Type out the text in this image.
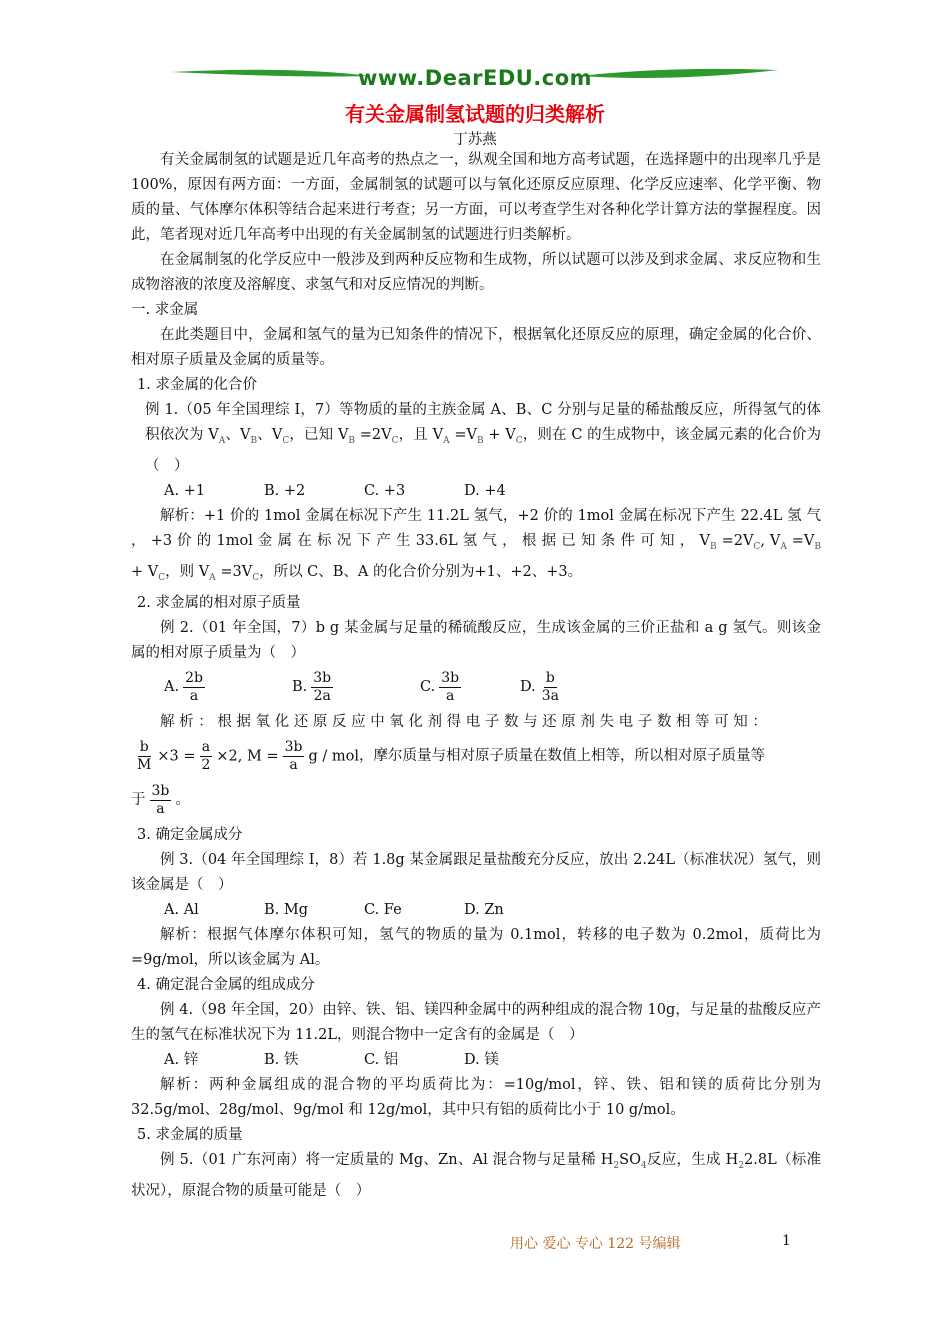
www.DearEDU.com
有关金属制氢试题的归类解析
丁苏燕

有关金属制氢的试题是近几年高考的热点之一，纵观全国和地方高考试题，在选择题中的出现率几乎是100%，原因有两方面：一方面，金属制氢的试题可以与氧化还原反应原理、化学反应速率、化学平衡、物质的量、气体摩尔体积等结合起来进行考查；另一方面，可以考查学生对各种化学计算方法的掌握程度。因此，笔者现对近几年高考中出现的有关金属制氢的试题进行归类解析。

在金属制氢的化学反应中一般涉及到两种反应物和生成物，所以试题可以涉及到求金属、求反应物和生成物溶液的浓度及溶解度、求氢气和对反应情况的判断。

一. 求金属

在此类题目中，金属和氢气的量为已知条件的情况下，根据氧化还原反应的原理，确定金属的化合价、相对原子质量及金属的质量等。

1. 求金属的化合价

例 1.（05 年全国理综 I，7）等物质的量的主族金属 A、B、C 分别与足量的稀盐酸反应，所得氢气的体积依次为 $V_A$、$V_B$、$V_C$，已知 $V_B =2V_C$，且 $V_A =V_B + V_C$，则在 C 的生成物中，该金属元素的化合价为（　）

A. +1	B. +2	C. +3	D. +4

解析：+1 价的 1mol 金属在标况下产生 11.2L 氢气，+2 价的 1mol 金属在标况下产生 22.4L 氢 气 ， +3 价 的 1mol 金 属 在 标 况 下 产 生 33.6L 氢 气 ， 根 据 已 知 条 件 可 知 ， $V_B =2V_C$, $V_A =V_B + V_C$，则 $V_A =3V_C$，所以 C、B、A 的化合价分别为+1、+2、+3。

2. 求金属的相对原子质量

例 2.（01 年全国，7）b g 某金属与足量的稀硫酸反应，生成该金属的三价正盐和 a g 氢气。则该金属的相对原子质量为（　）

A. $\frac{2b}{a}$	B. $\frac{3b}{2a}$	C. $\frac{3b}{a}$	D. $\frac{b}{3a}$

解 析 ： 根 据 氧 化 还 原 反 应 中 氧 化 剂 得 电 子 数 与 还 原 剂 失 电 子 数 相 等 可 知 ：

$\frac{b}{M} \times 3 = \frac{a}{2} \times 2$, $M = \frac{3b}{a}$ g / mol ，摩尔质量与相对原子质量在数值上相等，所以相对原子质量等
于 $\frac{3b}{a}$ 。

3. 确定金属成分

例 3.（04 年全国理综 I，8）若 1.8g 某金属跟足量盐酸充分反应，放出 2.24L（标准状况）氢气，则该金属是（　）

A. Al	B. Mg	C. Fe	D. Zn

解析：根据气体摩尔体积可知，氢气的物质的量为 0.1mol，转移的电子数为 0.2mol，质荷比为=9g/mol，所以该金属为 Al。

4. 确定混合金属的组成成分

例 4.（98 年全国，20）由锌、铁、铝、镁四种金属中的两种组成的混合物 10g，与足量的盐酸反应产生的氢气在标准状况下为 11.2L，则混合物中一定含有的金属是（　）

A. 锌	B. 铁	C. 铝	D. 镁

解析：两种金属组成的混合物的平均质荷比为：=10g/mol，锌、铁、铝和镁的质荷比分别为 32.5g/mol、28g/mol、9g/mol 和 12g/mol，其中只有铝的质荷比小于 10 g/mol。

5. 求金属的质量

例 5.（01 广东河南）将一定质量的 Mg、Zn、Al 混合物与足量稀 $H_2SO_4$反应，生成 $H_22.8L$（标准状况），原混合物的质量可能是（　）

用心 爱心 专心 122 号编辑	1
